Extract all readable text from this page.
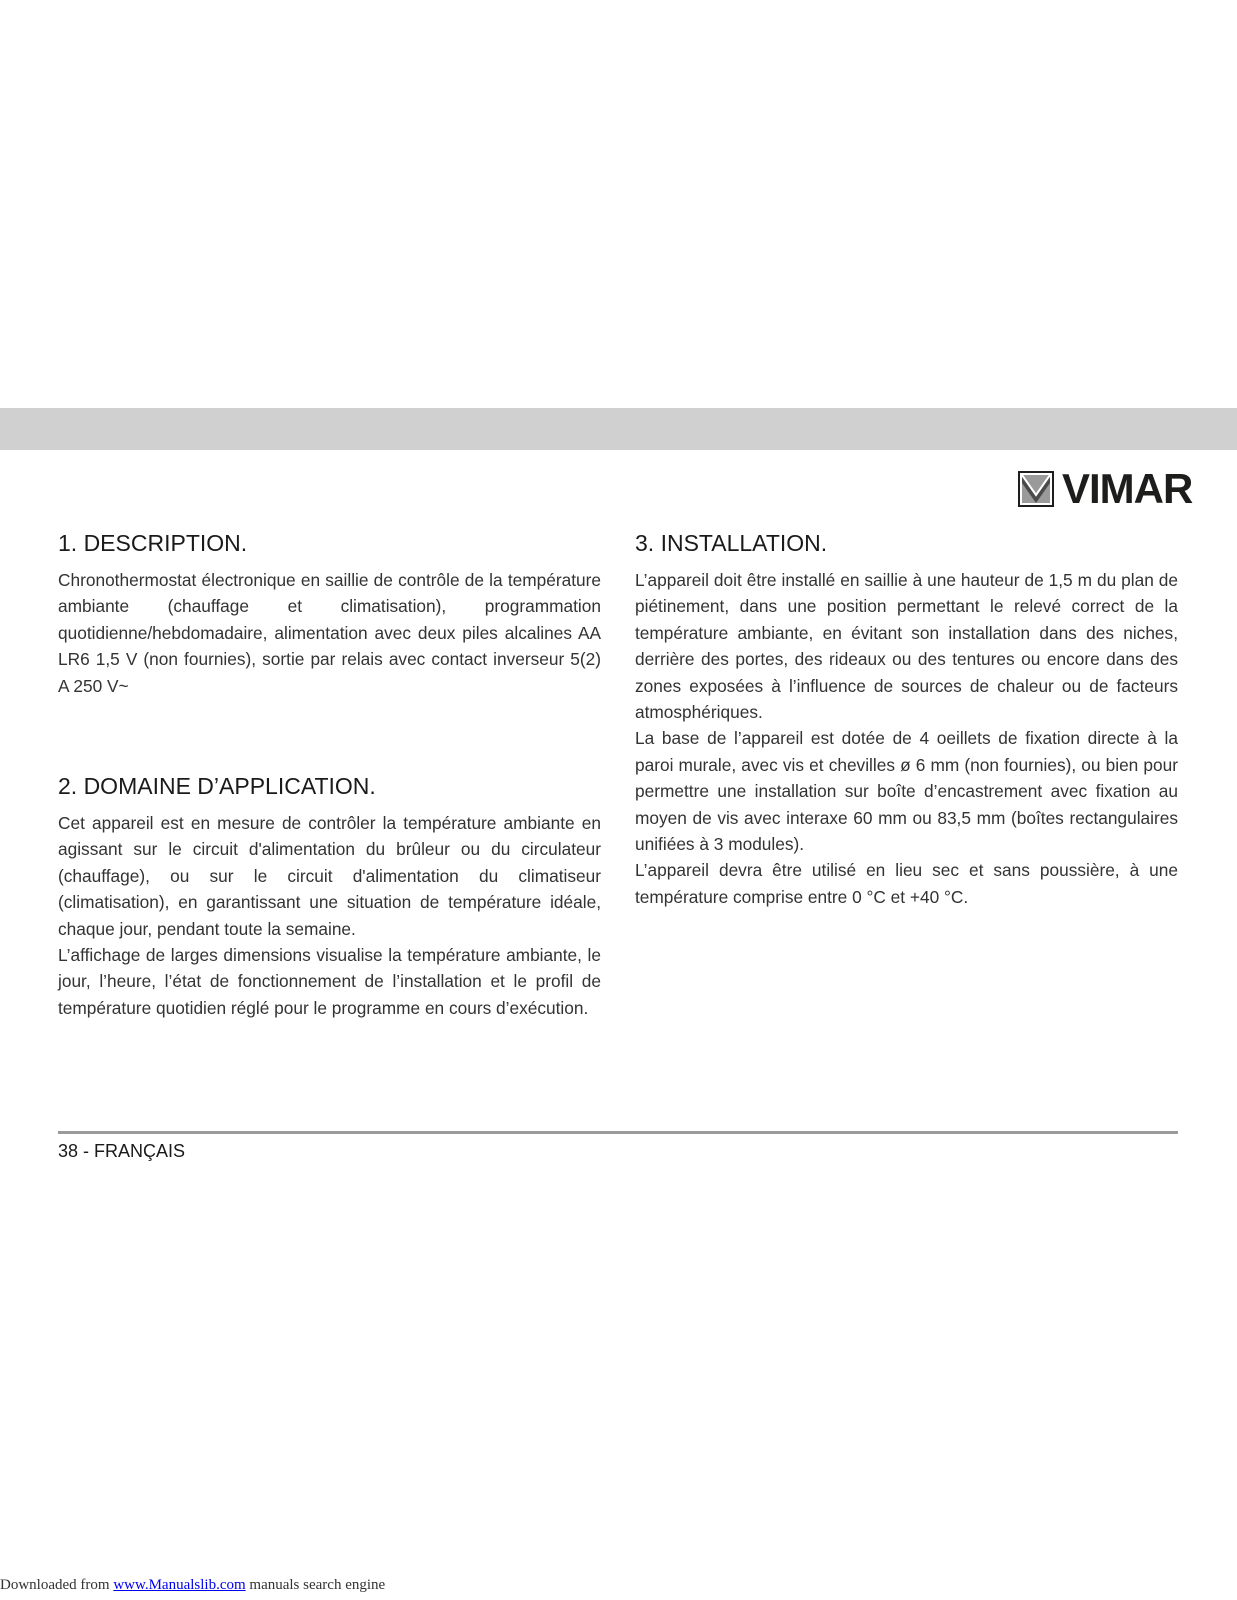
VIMAR
1. DESCRIPTION.

Chronothermostat électronique en saillie de contrôle de la température ambiante (chauffage et climatisation), programmation quotidienne/hebdomadaire, alimentation avec deux piles alcalines AA LR6 1,5 V (non fournies), sortie par relais avec contact inverseur 5(2) A 250 V~

2. DOMAINE D’APPLICATION.

Cet appareil est en mesure de contrôler la température ambiante en agissant sur le circuit d'alimentation du brûleur ou du circulateur (chauffage), ou sur le circuit d'alimentation du climatiseur (climatisation), en garantissant une situation de température idéale, chaque jour, pendant toute la semaine.

L’affichage de larges dimensions visualise la température ambiante, le jour, l’heure, l’état de fonctionnement de l’installation et le profil de température quotidien réglé pour le programme en cours d’exécution.

3. INSTALLATION.

L’appareil doit être installé en saillie à une hauteur de 1,5 m du plan de piétinement, dans une position permettant le relevé correct de la température ambiante, en évitant son installation dans des niches, derrière des portes, des rideaux ou des tentures ou encore dans des zones exposées à l’influence de sources de chaleur ou de facteurs atmosphériques.

La base de l’appareil est dotée de 4 oeillets de fixation directe à la paroi murale, avec vis et chevilles ø 6 mm (non fournies), ou bien pour permettre une installation sur boîte d’encastrement avec fixation au moyen de vis avec interaxe 60 mm ou 83,5 mm (boîtes rectangulaires unifiées à 3 modules).

L’appareil devra être utilisé en lieu sec et sans poussière, à une température comprise entre 0 °C et +40 °C.

38 - FRANÇAIS
Downloaded from www.Manualslib.com manuals search engine
